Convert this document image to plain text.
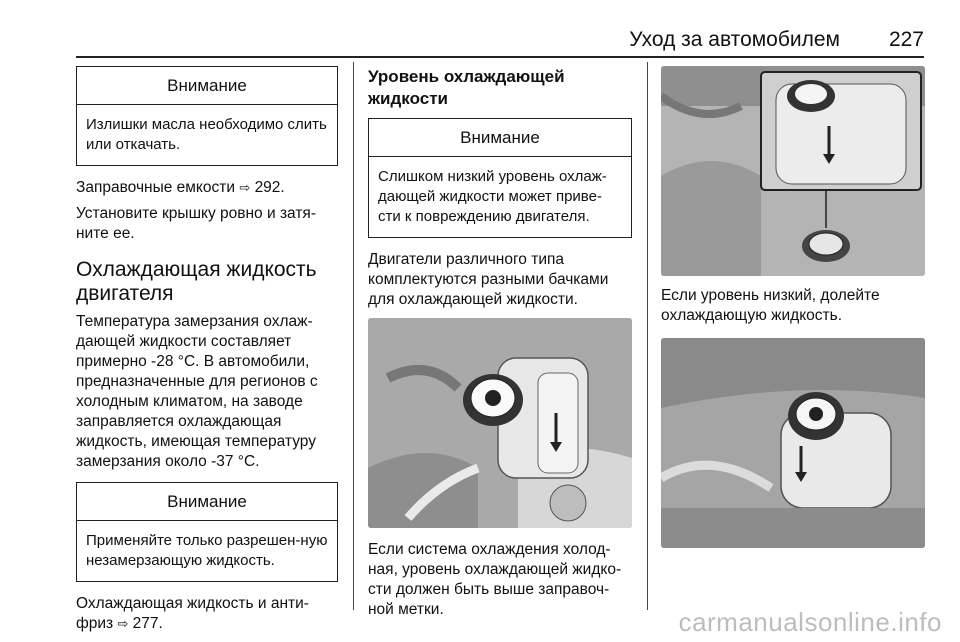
Уход за автомобилем 227
Внимание
Излишки масла необходимо слить или откачать.

Заправочные емкости ⇨ 292.

Установите крышку ровно и затя-ните ее.

Охлаждающая жидкость двигателя

Температура замерзания охлаж-дающей жидкости составляет примерно -28 °C. В автомобили, предназначенные для регионов с холодным климатом, на заводе заправляется охлаждающая жидкость, имеющая температуру замерзания около -37 °C.

Внимание
Применяйте только разрешен-ную незамерзающую жидкость.

Охлаждающая жидкость и анти-фриз ⇨ 277.

Уровень охлаждающей жидкости
Внимание
Слишком низкий уровень охлаж-дающей жидкости может приве-сти к повреждению двигателя.

Двигатели различного типа комплектуются разными бачками для охлаждающей жидкости.

Если система охлаждения холод-ная, уровень охлаждающей жидко-сти должен быть выше заправоч-ной метки.

Если уровень низкий, долейте охлаждающую жидкость.

carmanualsonline.info
